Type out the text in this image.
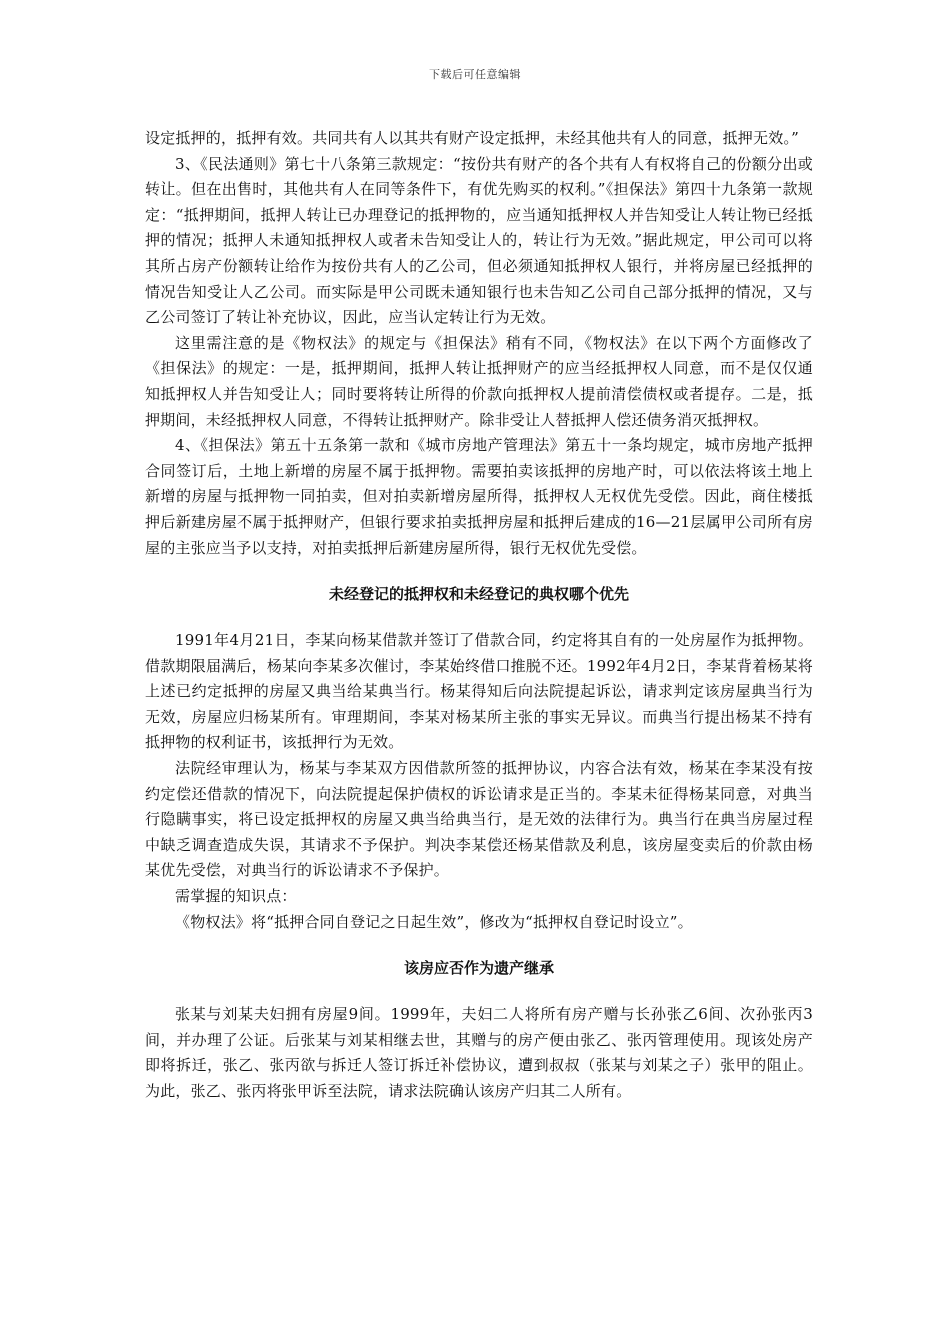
下载后可任意编辑

设定抵押的，抵押有效。共同共有人以其共有财产设定抵押，未经其他共有人的同意，抵押无效。”

3、《民法通则》第七十八条第三款规定：“按份共有财产的各个共有人有权将自己的份额分出或转让。但在出售时，其他共有人在同等条件下，有优先购买的权利。”《担保法》第四十九条第一款规定：“抵押期间，抵押人转让已办理登记的抵押物的，应当通知抵押权人并告知受让人转让物已经抵押的情况；抵押人未通知抵押权人或者未告知受让人的，转让行为无效。”据此规定，甲公司可以将其所占房产份额转让给作为按份共有人的乙公司，但必须通知抵押权人银行，并将房屋已经抵押的情况告知受让人乙公司。而实际是甲公司既未通知银行也未告知乙公司自己部分抵押的情况，又与乙公司签订了转让补充协议，因此，应当认定转让行为无效。

这里需注意的是《物权法》的规定与《担保法》稍有不同，《物权法》在以下两个方面修改了《担保法》的规定：一是，抵押期间，抵押人转让抵押财产的应当经抵押权人同意，而不是仅仅通知抵押权人并告知受让人；同时要将转让所得的价款向抵押权人提前清偿债权或者提存。二是，抵押期间，未经抵押权人同意，不得转让抵押财产。除非受让人替抵押人偿还债务消灭抵押权。

4、《担保法》第五十五条第一款和《城市房地产管理法》第五十一条均规定，城市房地产抵押合同签订后，土地上新增的房屋不属于抵押物。需要拍卖该抵押的房地产时，可以依法将该土地上新增的房屋与抵押物一同拍卖，但对拍卖新增房屋所得，抵押权人无权优先受偿。因此，商住楼抵押后新建房屋不属于抵押财产，但银行要求拍卖抵押房屋和抵押后建成的16—21层属甲公司所有房屋的主张应当予以支持，对拍卖抵押后新建房屋所得，银行无权优先受偿。

未经登记的抵押权和未经登记的典权哪个优先

1991年4月21日，李某向杨某借款并签订了借款合同，约定将其自有的一处房屋作为抵押物。借款期限届满后，杨某向李某多次催讨，李某始终借口推脱不还。1992年4月2日，李某背着杨某将上述已约定抵押的房屋又典当给某典当行。杨某得知后向法院提起诉讼，请求判定该房屋典当行为无效，房屋应归杨某所有。审理期间，李某对杨某所主张的事实无异议。而典当行提出杨某不持有抵押物的权利证书，该抵押行为无效。

法院经审理认为，杨某与李某双方因借款所签的抵押协议，内容合法有效，杨某在李某没有按约定偿还借款的情况下，向法院提起保护债权的诉讼请求是正当的。李某未征得杨某同意，对典当行隐瞒事实，将已设定抵押权的房屋又典当给典当行，是无效的法律行为。典当行在典当房屋过程中缺乏调查造成失误，其请求不予保护。判决李某偿还杨某借款及利息，该房屋变卖后的价款由杨某优先受偿，对典当行的诉讼请求不予保护。

需掌握的知识点：

《物权法》将“抵押合同自登记之日起生效”，修改为“抵押权自登记时设立”。

该房应否作为遗产继承

张某与刘某夫妇拥有房屋9间。1999年，夫妇二人将所有房产赠与长孙张乙6间、次孙张丙3间，并办理了公证。后张某与刘某相继去世，其赠与的房产便由张乙、张丙管理使用。现该处房产即将拆迁，张乙、张丙欲与拆迁人签订拆迁补偿协议，遭到叔叔（张某与刘某之子）张甲的阻止。为此，张乙、张丙将张甲诉至法院，请求法院确认该房产归其二人所有。
